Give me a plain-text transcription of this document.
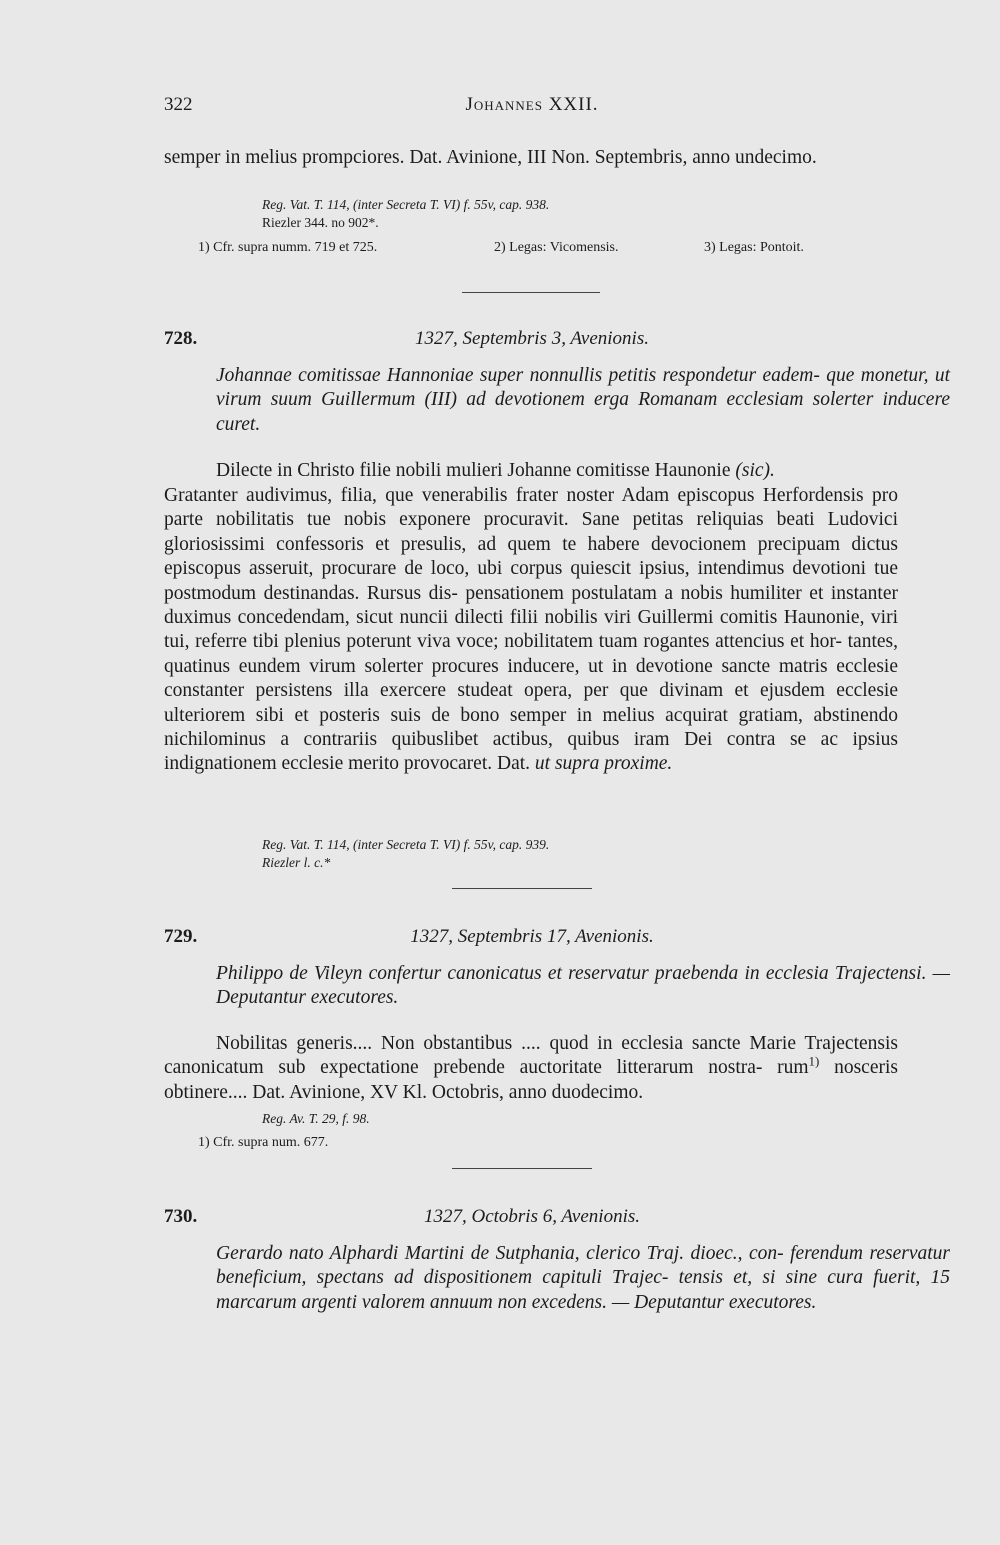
322	Johannes XXII.
semper in melius prompciores. Dat. Avinione, III Non. Septembris, anno undecimo.
Reg. Vat. T. 114, (inter Secreta T. VI) f. 55v, cap. 938.
Riezler 344. no 902*.
1) Cfr. supra numm. 719 et 725.	2) Legas: Vicomensis.	3) Legas: Pontoit.
728.	1327, Septembris 3, Avenionis.
Johannae comitissae Hannoniae super nonnullis petitis respondetur eadem- que monetur, ut virum suum Guillermum (III) ad devotionem erga Romanam ecclesiam solerter inducere curet.
Dilecte in Christo filie nobili mulieri Johanne comitisse Haunonie (sic).
Gratanter audivimus, filia, que venerabilis frater noster Adam episcopus Herfordensis pro parte nobilitatis tue nobis exponere procuravit. Sane petitas reliquias beati Ludovici gloriosissimi confessoris et presulis, ad quem te habere devocionem precipuam dictus episcopus asseruit, procurare de loco, ubi corpus quiescit ipsius, intendimus devotioni tue postmodum destinandas. Rursus dis- pensationem postulatam a nobis humiliter et instanter duximus concedendam, sicut nuncii dilecti filii nobilis viri Guillermi comitis Haunonie, viri tui, referre tibi plenius poterunt viva voce; nobilitatem tuam rogantes attencius et hor- tantes, quatinus eundem virum solerter procures inducere, ut in devotione sancte matris ecclesie constanter persistens illa exercere studeat opera, per que divinam et ejusdem ecclesie ulteriorem sibi et posteris suis de bono semper in melius acquirat gratiam, abstinendo nichilominus a contrariis quibuslibet actibus, quibus iram Dei contra se ac ipsius indignationem ecclesie merito provocaret. Dat. ut supra proxime.
Reg. Vat. T. 114, (inter Secreta T. VI) f. 55v, cap. 939.
Riezler l. c.*
729.	1327, Septembris 17, Avenionis.
Philippo de Vileyn confertur canonicatus et reservatur praebenda in ecclesia Trajectensi. — Deputantur executores.
Nobilitas generis.... Non obstantibus .... quod in ecclesia sancte Marie Trajectensis canonicatum sub expectatione prebende auctoritate litterarum nostra- rum$^{1)}$ nosceris obtinere.... Dat. Avinione, XV Kl. Octobris, anno duodecimo.
Reg. Av. T. 29, f. 98.
1) Cfr. supra num. 677.
730.	1327, Octobris 6, Avenionis.
Gerardo nato Alphardi Martini de Sutphania, clerico Traj. dioec., con- ferendum reservatur beneficium, spectans ad dispositionem capituli Trajec- tensis et, si sine cura fuerit, 15 marcarum argenti valorem annuum non excedens. — Deputantur executores.
